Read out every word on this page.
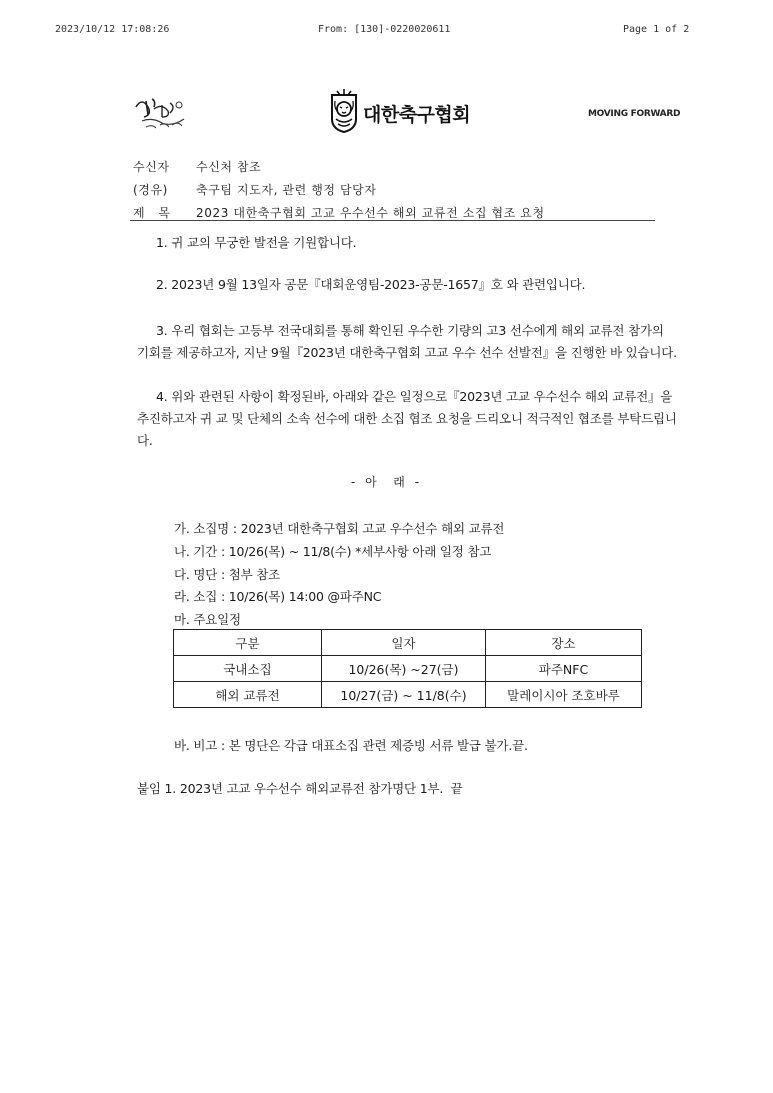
2023/10/12 17:08:26	From: [130]-0220020611	Page 1 of 2
대한축구협회	MOVING FORWARD
수신자 수신처 참조
(경유) 축구팀 지도자, 관련 행정 담당자
제   목 2023 대한축구협회 고교 우수선수 해외 교류전 소집 협조 요청
1. 귀 교의 무궁한 발전을 기원합니다.
2. 2023년 9월 13일자 공문『대회운영팀-2023-공문-1657』호 와 관련입니다.
3. 우리 협회는 고등부 전국대회를 통해 확인된 우수한 기량의 고3 선수에게 해외 교류전 참가의 기회를 제공하고자, 지난 9월『2023년 대한축구협회 고교 우수 선수 선발전』을 진행한 바 있습니다.
4. 위와 관련된 사항이 확정된바, 아래와 같은 일정으로『2023년 고교 우수선수 해외 교류전』을 추진하고자 귀 교 및 단체의 소속 선수에 대한 소집 협조 요청을 드리오니 적극적인 협조를 부탁드립니다.
- 아  래 -
가. 소집명 : 2023년 대한축구협회 고교 우수선수 해외 교류전
나. 기간 : 10/26(목) ~ 11/8(수) *세부사항 아래 일정 참고
다. 명단 : 첨부 참조
라. 소집 : 10/26(목) 14:00 @파주NC
마. 주요일정
구분	일자	장소
국내소집	10/26(목) ~27(금)	파주NFC
해외 교류전	10/27(금) ~ 11/8(수)	말레이시아 조호바루
바. 비고 : 본 명단은 각급 대표소집 관련 제증빙 서류 발급 불가.끝.
붙임 1. 2023년 고교 우수선수 해외교류전 참가명단 1부.  끝
